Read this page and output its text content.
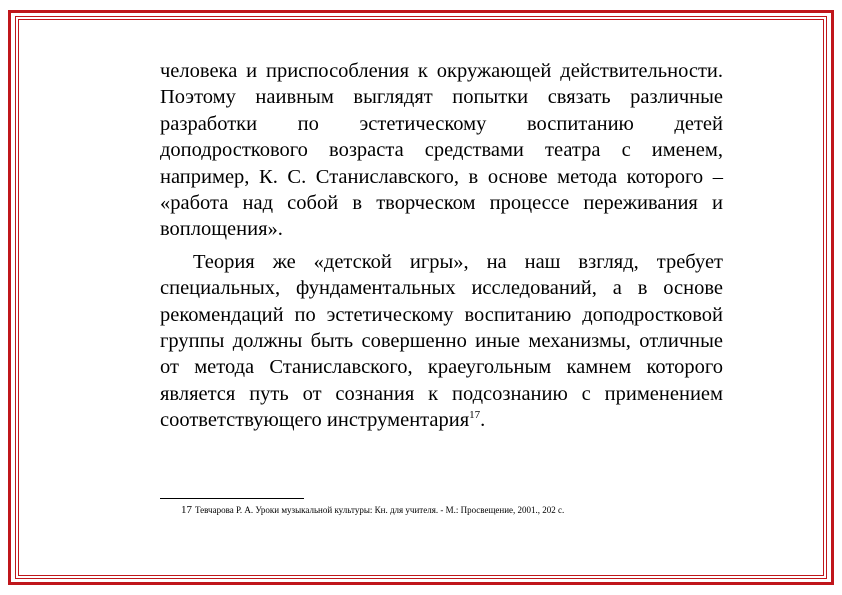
человека и приспособления к окружающей действительности. Поэтому наивным выглядят попытки связать различные разработки по эстетическому воспитанию детей доподросткового возраста средствами театра с именем, например, К. С. Станиславского, в основе метода которого – «работа над собой в творческом процессе переживания и воплощения».

Теория же «детской игры», на наш взгляд, требует специальных, фундаментальных исследований, а в основе рекомендаций по эстетическому воспитанию доподростковой группы должны быть совершенно иные механизмы, отличные от метода Станиславского, краеугольным камнем которого является путь от сознания к подсознанию с применением соответствующего инструментария$^{17}$.

17 Тевчарова Р. А. Уроки музыкальной культуры: Кн. для учителя. - М.: Просвещение, 2001., 202 с.
